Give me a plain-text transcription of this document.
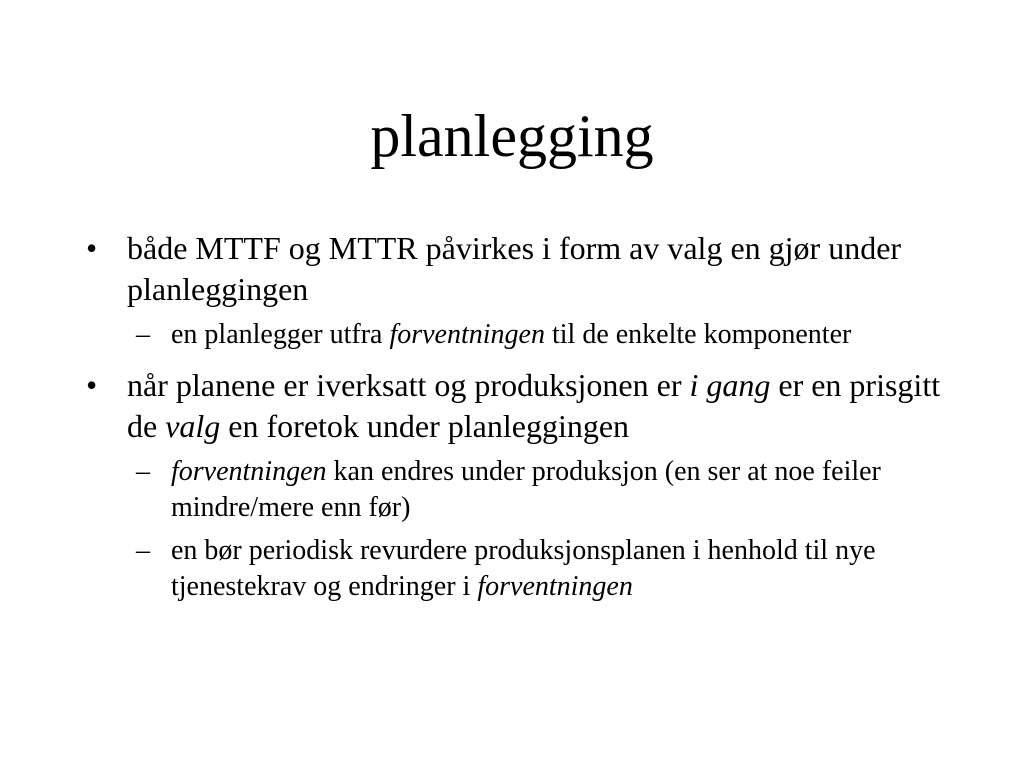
planlegging

• både MTTF og MTTR påvirkes i form av valg en gjør under planleggingen

– en planlegger utfra forventningen til de enkelte komponenter

• når planene er iverksatt og produksjonen er i gang er en prisgitt de valg en foretok under planleggingen

– forventningen kan endres under produksjon (en ser at noe feiler mindre/mere enn før)

– en bør periodisk revurdere produksjonsplanen i henhold til nye tjenestekrav og endringer i forventningen
